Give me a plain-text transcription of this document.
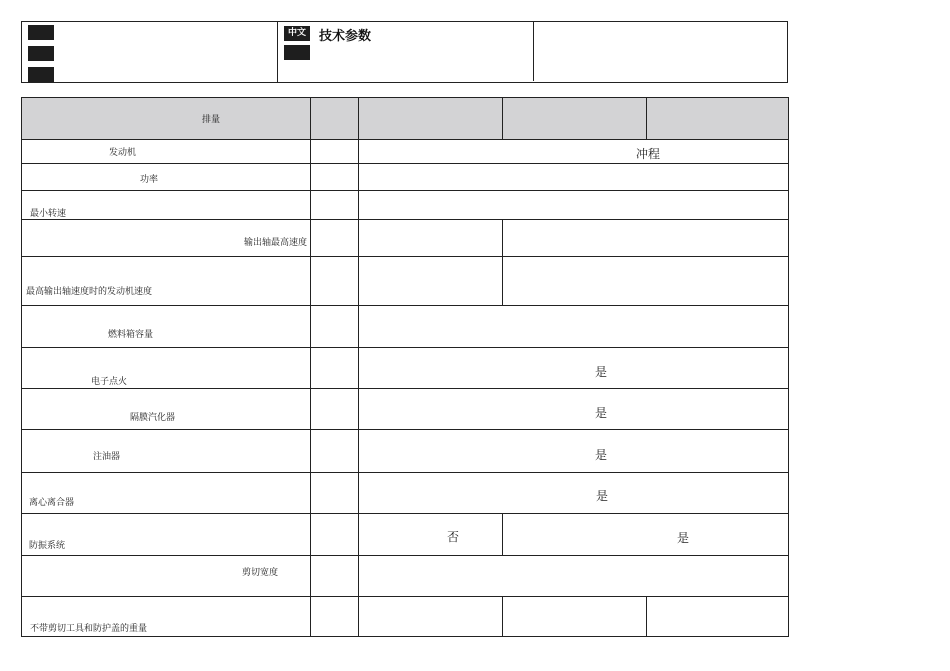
中文	技术参数
排量
发动机
功率
最小转速
输出轴最高速度
最高输出轴速度时的发动机速度
燃料箱容量
电子点火
隔膜汽化器
注油器
离心离合器
防振系统
剪切宽度
不带剪切工具和防护盖的重量
冲程
是
是
是
是
否	是
